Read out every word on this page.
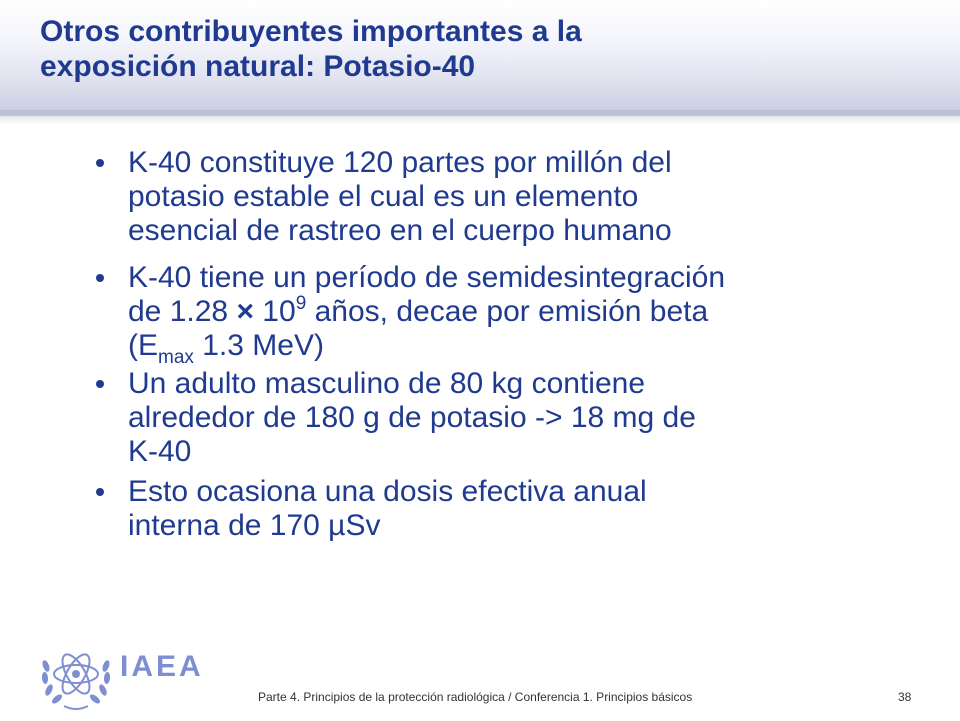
Otros contribuyentes importantes a la
exposición natural: Potasio-40
K-40 constituye 120 partes por millón del
potasio estable el cual es un elemento
esencial de rastreo en el cuerpo humano
K-40 tiene un período de semidesintegración
de $1.28 \times 10^9$ años, decae por emisión beta
($E_{max}$ 1.3 MeV)
Un adulto masculino de 80 kg contiene
alrededor de 180 g de potasio -> 18 mg de
K-40
Esto ocasiona una dosis efectiva anual
interna de 170 µSv
IAEA
Parte 4. Principios de la protección radiológica / Conferencia 1. Principios básicos	38
